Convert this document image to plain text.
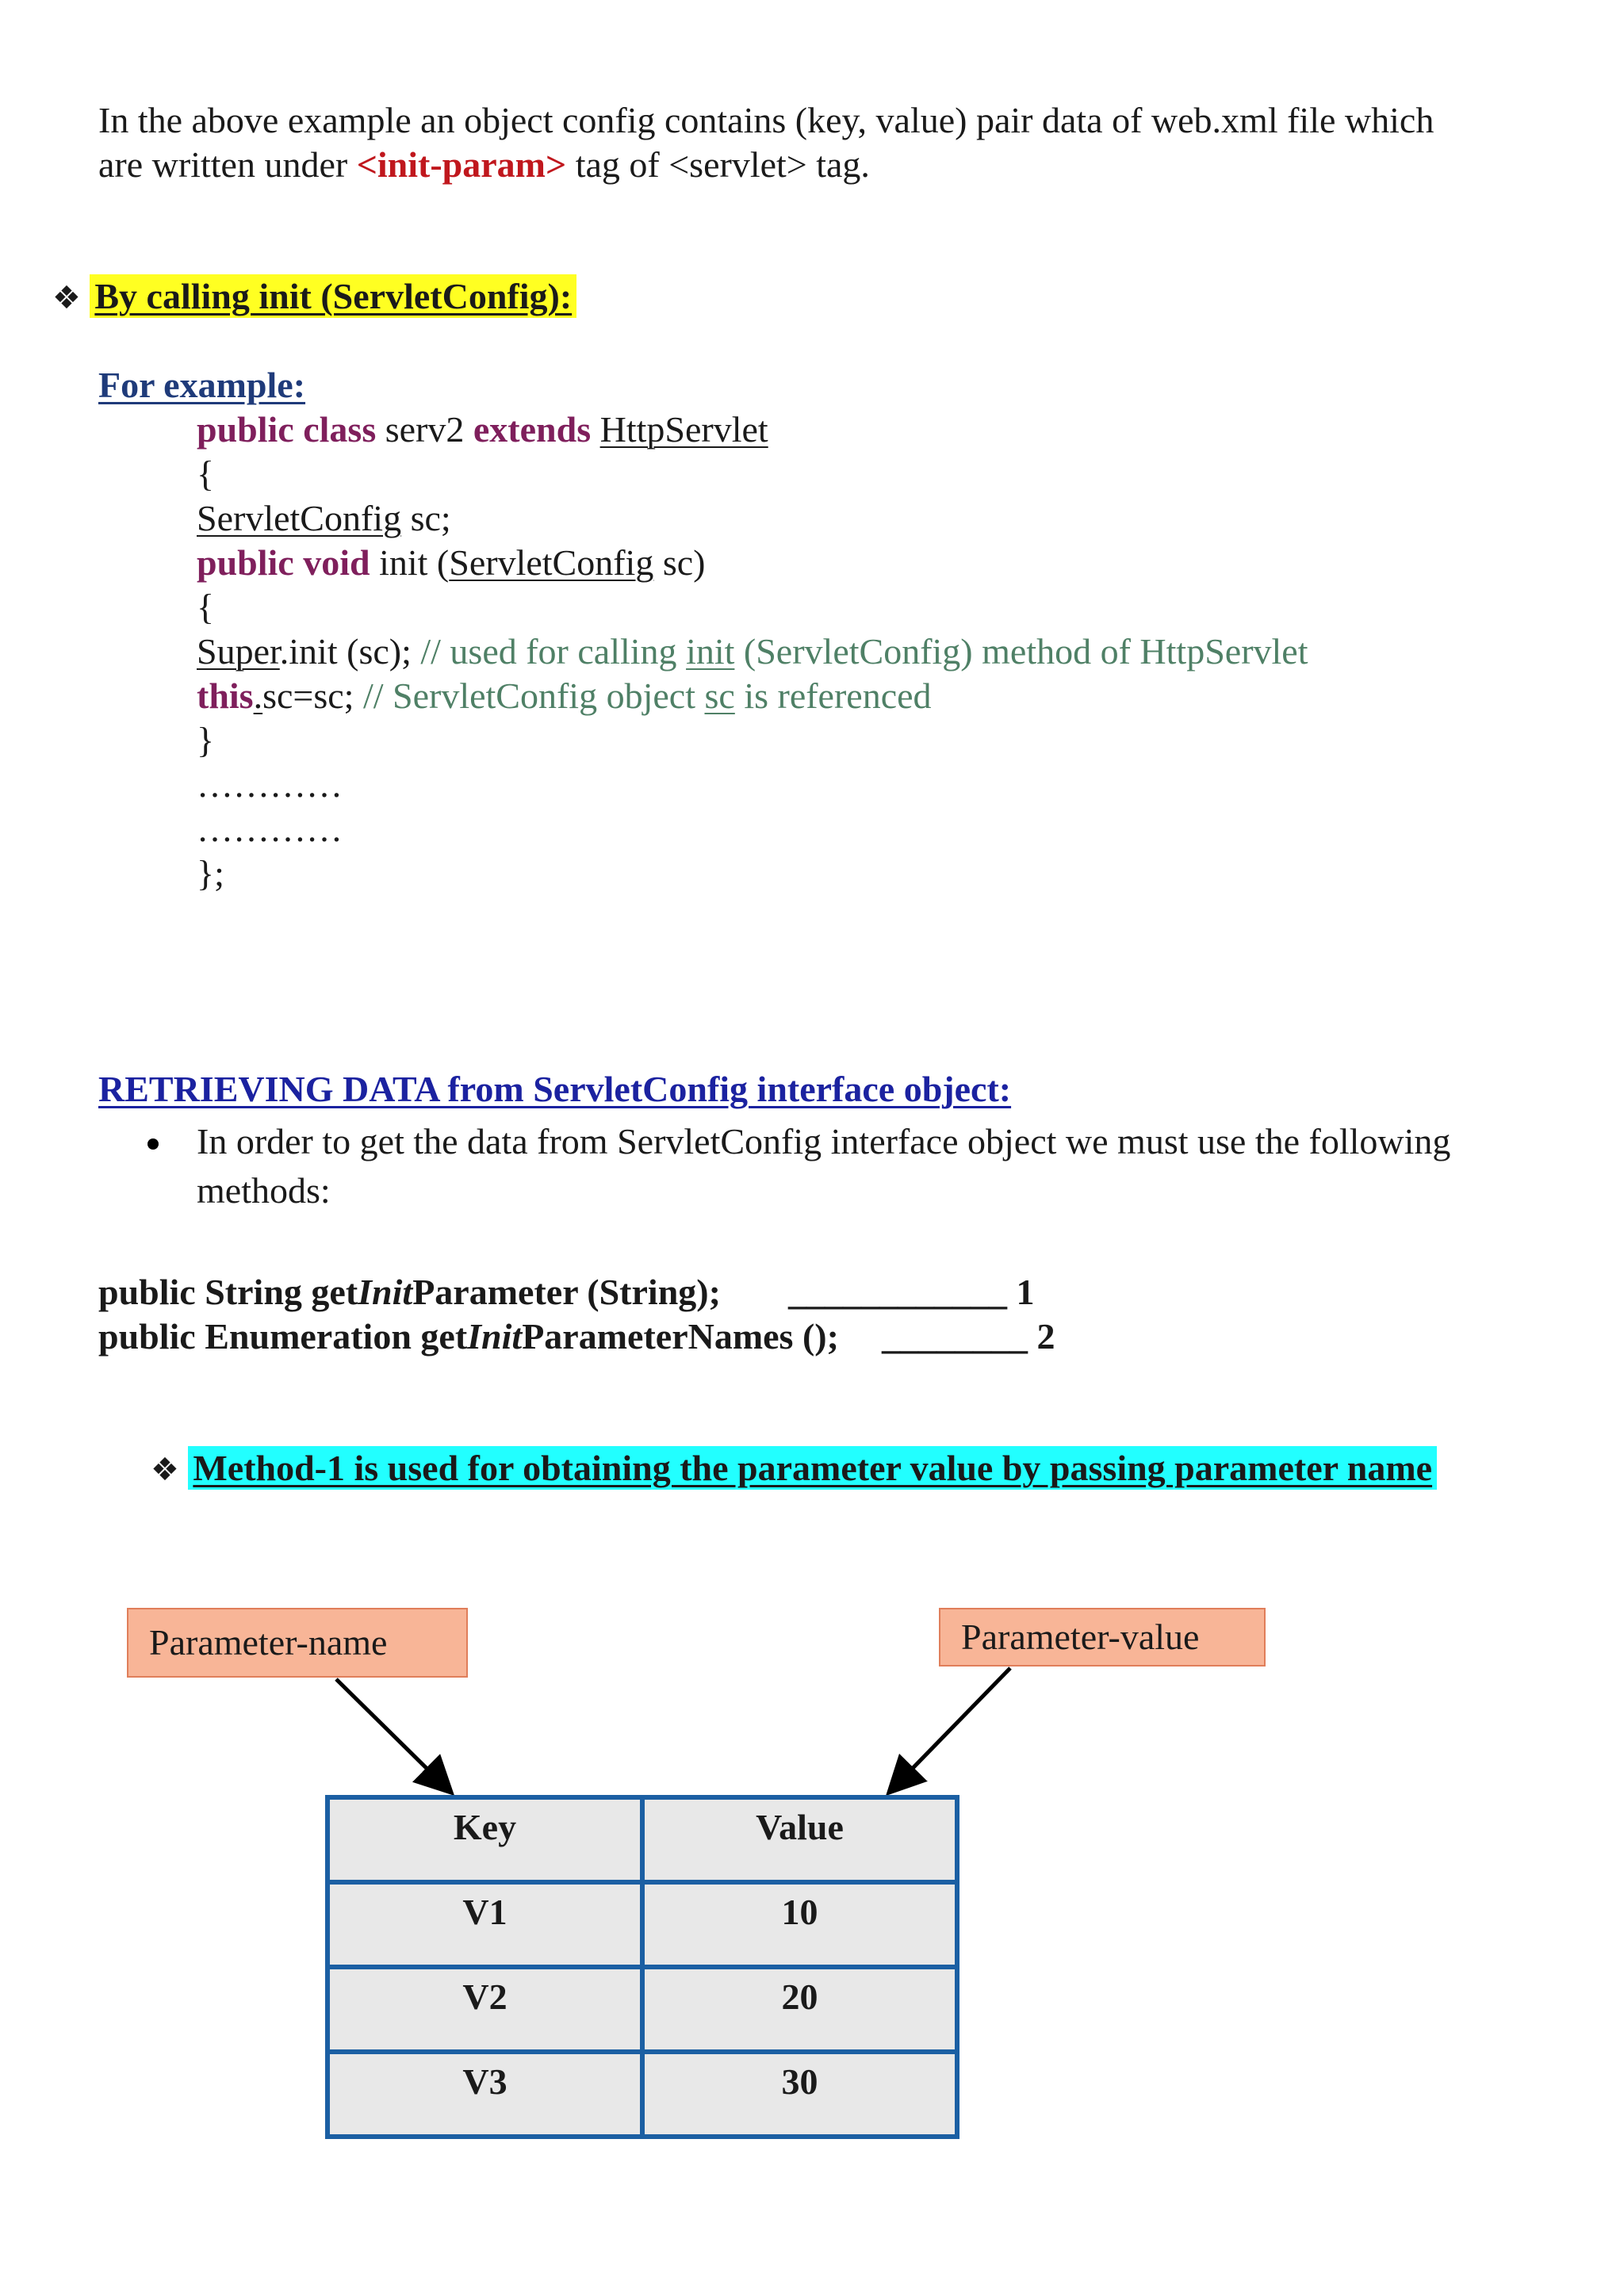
In the above example an object config contains (key, value) pair data of web.xml file which
are written under <init-param> tag of <servlet> tag.
❖ By calling init (ServletConfig):
For example:
public class serv2 extends HttpServlet
{
ServletConfig sc;
public void init (ServletConfig sc)
{
Super.init (sc); // used for calling init (ServletConfig) method of HttpServlet
this.sc=sc; // ServletConfig object sc is referenced
}
…………
…………
};
RETRIEVING DATA from ServletConfig interface object:
In order to get the data from ServletConfig interface object we must use the following
methods:
public String getInitParameter (String); ____________ 1
public Enumeration getInitParameterNames (); ________ 2
❖ Method-1 is used for obtaining the parameter value by passing parameter name
Parameter-name	Parameter-value
Key	Value
V1	10
V2	20
V3	30
